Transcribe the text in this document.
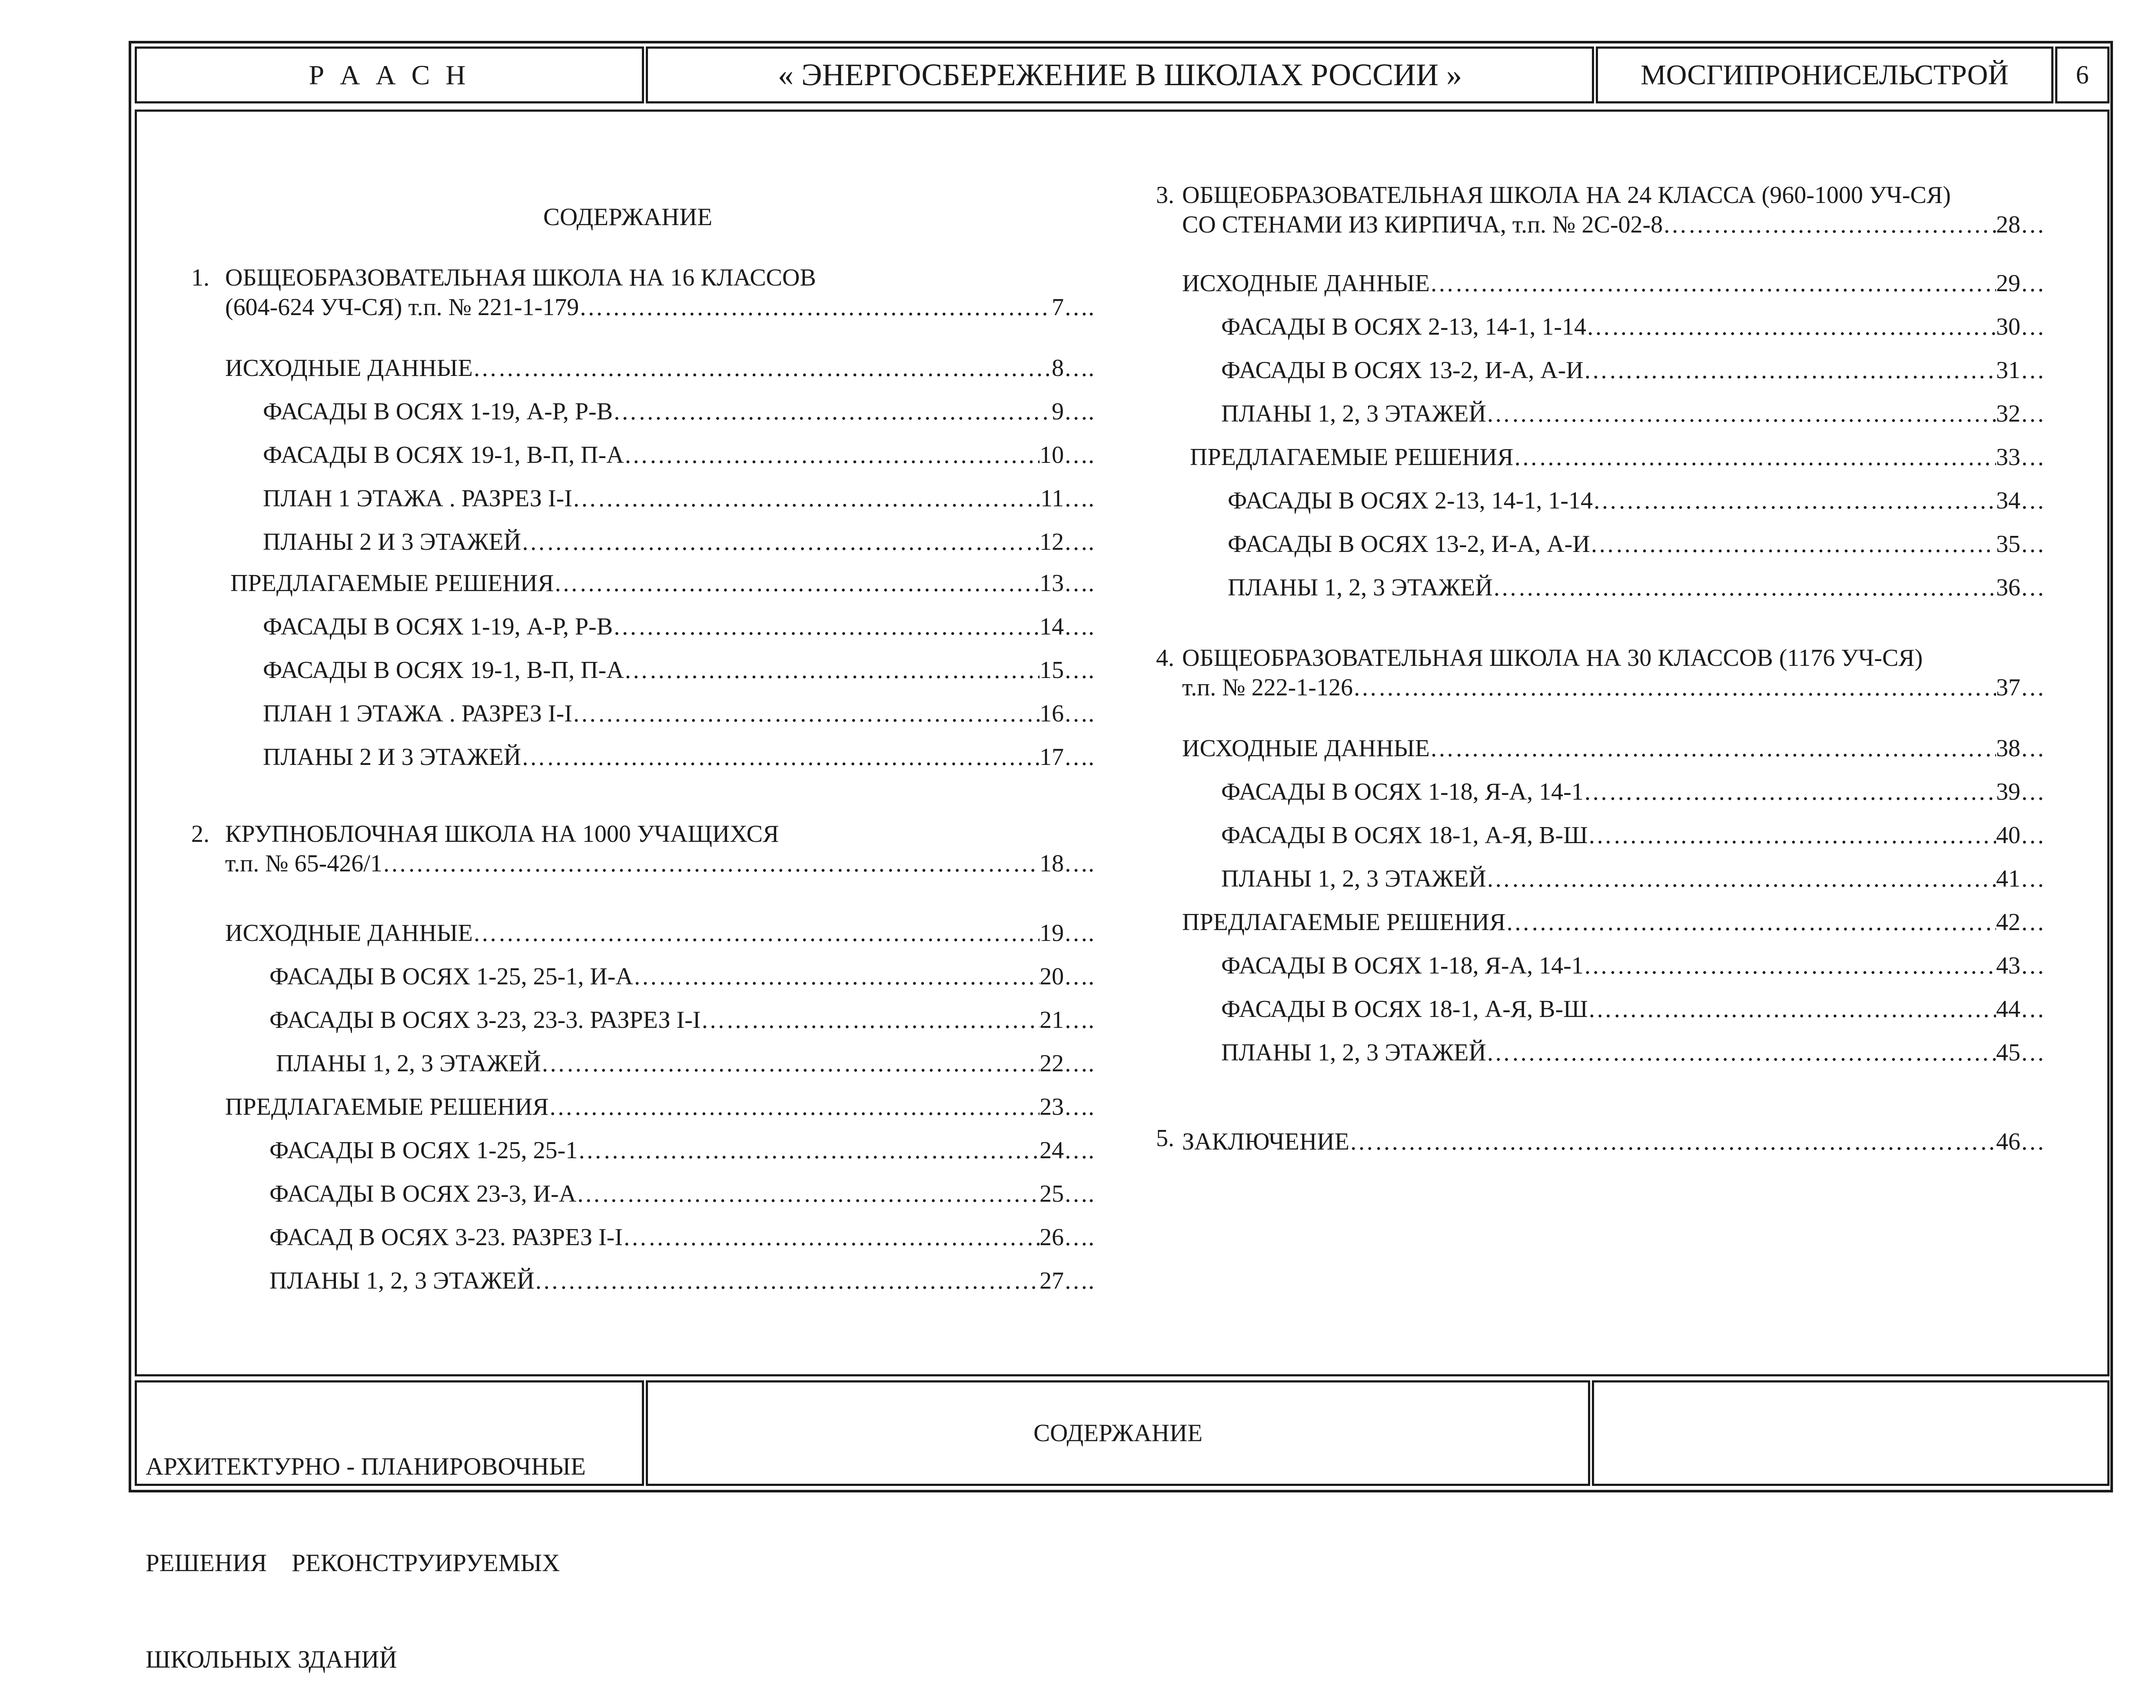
Р А А С Н	« ЭНЕРГОСБЕРЕЖЕНИЕ В ШКОЛАХ РОССИИ »	МОСГИПРОНИСЕЛЬСТРОЙ	6
СОДЕРЖАНИЕ
1. ОБЩЕОБРАЗОВАТЕЛЬНАЯ ШКОЛА НА 16 КЛАССОВ
(604-624 УЧ-СЯ) т.п. № 221-1-179 …………………………………………………………………………………………………………………………………………………………………………………………………………………………………………………………………………………………	7 ….
ИСХОДНЫЕ ДАННЫЕ …………………………………………………………………………………………………………………………………………………………………………………………………………………………………………………………………………………………	8 ….
ФАСАДЫ В ОСЯХ 1-19, А-Р, Р-В …………………………………………………………………………………………………………………………………………………………………………………………………………………………………………………………………………………………	9 ….
ФАСАДЫ В ОСЯХ 19-1, В-П, П-А …………………………………………………………………………………………………………………………………………………………………………………………………………………………………………………………………………………………	10 ….
ПЛАН 1 ЭТАЖА . РАЗРЕЗ I-I …………………………………………………………………………………………………………………………………………………………………………………………………………………………………………………………………………………………	11 ….
ПЛАНЫ 2 И 3 ЭТАЖЕЙ …………………………………………………………………………………………………………………………………………………………………………………………………………………………………………………………………………………………	12 ….
ПРЕДЛАГАЕМЫЕ РЕШЕНИЯ …………………………………………………………………………………………………………………………………………………………………………………………………………………………………………………………………………………………	13 ….
ФАСАДЫ В ОСЯХ 1-19, А-Р, Р-В …………………………………………………………………………………………………………………………………………………………………………………………………………………………………………………………………………………………	14 ….
ФАСАДЫ В ОСЯХ 19-1, В-П, П-А …………………………………………………………………………………………………………………………………………………………………………………………………………………………………………………………………………………………	15 ….
ПЛАН 1 ЭТАЖА . РАЗРЕЗ I-I …………………………………………………………………………………………………………………………………………………………………………………………………………………………………………………………………………………………	16 ….
ПЛАНЫ 2 И 3 ЭТАЖЕЙ …………………………………………………………………………………………………………………………………………………………………………………………………………………………………………………………………………………………	17 ….
2. КРУПНОБЛОЧНАЯ ШКОЛА НА 1000 УЧАЩИХСЯ
т.п. № 65-426/1 …………………………………………………………………………………………………………………………………………………………………………………………………………………………………………………………………………………………	18 ….
ИСХОДНЫЕ ДАННЫЕ …………………………………………………………………………………………………………………………………………………………………………………………………………………………………………………………………………………………	19 ….
ФАСАДЫ В ОСЯХ 1-25, 25-1, И-А …………………………………………………………………………………………………………………………………………………………………………………………………………………………………………………………………………………………	20 ….
ФАСАДЫ В ОСЯХ 3-23, 23-3. РАЗРЕЗ I-I …………………………………………………………………………………………………………………………………………………………………………………………………………………………………………………………………………………………	21 ….
ПЛАНЫ 1, 2, 3 ЭТАЖЕЙ …………………………………………………………………………………………………………………………………………………………………………………………………………………………………………………………………………………………	22 ….
ПРЕДЛАГАЕМЫЕ РЕШЕНИЯ …………………………………………………………………………………………………………………………………………………………………………………………………………………………………………………………………………………………	23 ….
ФАСАДЫ В ОСЯХ 1-25, 25-1 …………………………………………………………………………………………………………………………………………………………………………………………………………………………………………………………………………………………	24 ….
ФАСАДЫ В ОСЯХ 23-3, И-А …………………………………………………………………………………………………………………………………………………………………………………………………………………………………………………………………………………………	25 ….
ФАСАД В ОСЯХ 3-23. РАЗРЕЗ I-I …………………………………………………………………………………………………………………………………………………………………………………………………………………………………………………………………………………………	26 ….
ПЛАНЫ 1, 2, 3 ЭТАЖЕЙ …………………………………………………………………………………………………………………………………………………………………………………………………………………………………………………………………………………………	27 ….
3. ОБЩЕОБРАЗОВАТЕЛЬНАЯ ШКОЛА НА 24 КЛАССА (960-1000 УЧ-СЯ)
СО СТЕНАМИ ИЗ КИРПИЧА, т.п. № 2С-02-8 …………………………………………………………………………………………………………………………………………………………………………………………………………………………………………………………………………………………	28 …
ИСХОДНЫЕ ДАННЫЕ …………………………………………………………………………………………………………………………………………………………………………………………………………………………………………………………………………………………	29 …
ФАСАДЫ В ОСЯХ 2-13, 14-1, 1-14 …………………………………………………………………………………………………………………………………………………………………………………………………………………………………………………………………………………………	30 …
ФАСАДЫ В ОСЯХ 13-2, И-А, А-И …………………………………………………………………………………………………………………………………………………………………………………………………………………………………………………………………………………………	31 …
ПЛАНЫ 1, 2, 3 ЭТАЖЕЙ …………………………………………………………………………………………………………………………………………………………………………………………………………………………………………………………………………………………	32 …
ПРЕДЛАГАЕМЫЕ РЕШЕНИЯ …………………………………………………………………………………………………………………………………………………………………………………………………………………………………………………………………………………………	33 …
ФАСАДЫ В ОСЯХ 2-13, 14-1, 1-14 …………………………………………………………………………………………………………………………………………………………………………………………………………………………………………………………………………………………	34 …
ФАСАДЫ В ОСЯХ 13-2, И-А, А-И …………………………………………………………………………………………………………………………………………………………………………………………………………………………………………………………………………………………	35 …
ПЛАНЫ 1, 2, 3 ЭТАЖЕЙ …………………………………………………………………………………………………………………………………………………………………………………………………………………………………………………………………………………………	36 …
4. ОБЩЕОБРАЗОВАТЕЛЬНАЯ ШКОЛА НА 30 КЛАССОВ (1176 УЧ-СЯ)
т.п. № 222-1-126 …………………………………………………………………………………………………………………………………………………………………………………………………………………………………………………………………………………………	37 …
ИСХОДНЫЕ ДАННЫЕ …………………………………………………………………………………………………………………………………………………………………………………………………………………………………………………………………………………………	38 …
ФАСАДЫ В ОСЯХ 1-18, Я-А, 14-1 …………………………………………………………………………………………………………………………………………………………………………………………………………………………………………………………………………………………	39 …
ФАСАДЫ В ОСЯХ 18-1, А-Я, В-Ш …………………………………………………………………………………………………………………………………………………………………………………………………………………………………………………………………………………………	40 …
ПЛАНЫ 1, 2, 3 ЭТАЖЕЙ …………………………………………………………………………………………………………………………………………………………………………………………………………………………………………………………………………………………	41 …
ПРЕДЛАГАЕМЫЕ РЕШЕНИЯ …………………………………………………………………………………………………………………………………………………………………………………………………………………………………………………………………………………………	42 …
ФАСАДЫ В ОСЯХ 1-18, Я-А, 14-1 …………………………………………………………………………………………………………………………………………………………………………………………………………………………………………………………………………………………	43 …
ФАСАДЫ В ОСЯХ 18-1, А-Я, В-Ш …………………………………………………………………………………………………………………………………………………………………………………………………………………………………………………………………………………………	44 …
ПЛАНЫ 1, 2, 3 ЭТАЖЕЙ …………………………………………………………………………………………………………………………………………………………………………………………………………………………………………………………………………………………	45 …
5. ЗАКЛЮЧЕНИЕ …………………………………………………………………………………………………………………………………………………………………………………………………………………………………………………………………………………………	46 …

АРХИТЕКТУРНО - ПЛАНИРОВОЧНЫЕ

РЕШЕНИЯ    РЕКОНСТРУИРУЕМЫХ

ШКОЛЬНЫХ ЗДАНИЙ

СОДЕРЖАНИЕ
